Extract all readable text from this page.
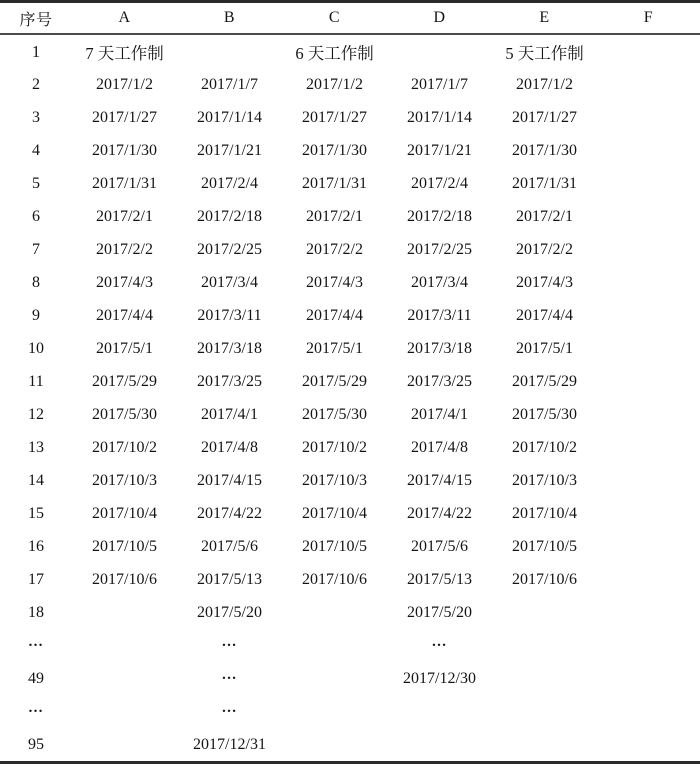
序号	A	B	C	D	E	F
1	7 天工作制		6 天工作制		5 天工作制	
2	2017/1/2	2017/1/7	2017/1/2	2017/1/7	2017/1/2	
3	2017/1/27	2017/1/14	2017/1/27	2017/1/14	2017/1/27	
4	2017/1/30	2017/1/21	2017/1/30	2017/1/21	2017/1/30	
5	2017/1/31	2017/2/4	2017/1/31	2017/2/4	2017/1/31	
6	2017/2/1	2017/2/18	2017/2/1	2017/2/18	2017/2/1	
7	2017/2/2	2017/2/25	2017/2/2	2017/2/25	2017/2/2	
8	2017/4/3	2017/3/4	2017/4/3	2017/3/4	2017/4/3	
9	2017/4/4	2017/3/11	2017/4/4	2017/3/11	2017/4/4	
10	2017/5/1	2017/3/18	2017/5/1	2017/3/18	2017/5/1	
11	2017/5/29	2017/3/25	2017/5/29	2017/3/25	2017/5/29	
12	2017/5/30	2017/4/1	2017/5/30	2017/4/1	2017/5/30	
13	2017/10/2	2017/4/8	2017/10/2	2017/4/8	2017/10/2	
14	2017/10/3	2017/4/15	2017/10/3	2017/4/15	2017/10/3	
15	2017/10/4	2017/4/22	2017/10/4	2017/4/22	2017/10/4	
16	2017/10/5	2017/5/6	2017/10/5	2017/5/6	2017/10/5	
17	2017/10/6	2017/5/13	2017/10/6	2017/5/13	2017/10/6	
18		2017/5/20		2017/5/20		
…		…		…		
49		…		2017/12/30		
…		…				
95		2017/12/31				
